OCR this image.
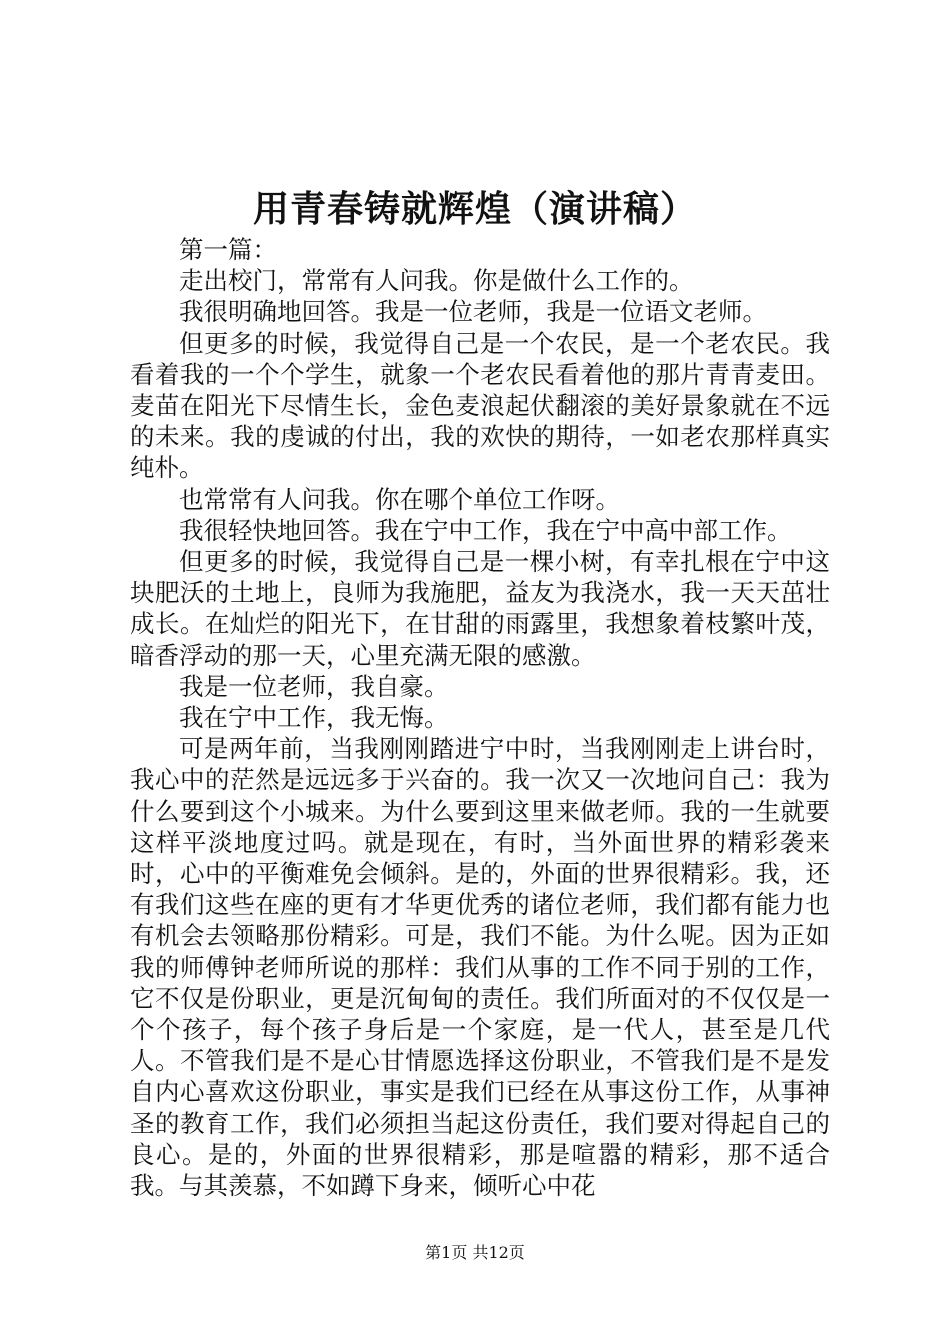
用青春铸就辉煌（演讲稿）

第一篇：

走出校门，常常有人问我。你是做什么工作的。

我很明确地回答。我是一位老师，我是一位语文老师。

但更多的时候，我觉得自己是一个农民，是一个老农民。我看着我的一个个学生，就象一个老农民看着他的那片青青麦田。麦苗在阳光下尽情生长，金色麦浪起伏翻滚的美好景象就在不远的未来。我的虔诚的付出，我的欢快的期待，一如老农那样真实纯朴。

也常常有人问我。你在哪个单位工作呀。

我很轻快地回答。我在宁中工作，我在宁中高中部工作。

但更多的时候，我觉得自己是一棵小树，有幸扎根在宁中这块肥沃的土地上，良师为我施肥，益友为我浇水，我一天天茁壮成长。在灿烂的阳光下，在甘甜的雨露里，我想象着枝繁叶茂，暗香浮动的那一天，心里充满无限的感激。

我是一位老师，我自豪。

我在宁中工作，我无悔。

可是两年前，当我刚刚踏进宁中时，当我刚刚走上讲台时，我心中的茫然是远远多于兴奋的。我一次又一次地问自己：我为什么要到这个小城来。为什么要到这里来做老师。我的一生就要这样平淡地度过吗。就是现在，有时，当外面世界的精彩袭来时，心中的平衡难免会倾斜。是的，外面的世界很精彩。我，还有我们这些在座的更有才华更优秀的诸位老师，我们都有能力也有机会去领略那份精彩。可是，我们不能。为什么呢。因为正如我的师傅钟老师所说的那样：我们从事的工作不同于别的工作，它不仅是份职业，更是沉甸甸的责任。我们所面对的不仅仅是一个个孩子，每个孩子身后是一个家庭，是一代人，甚至是几代人。不管我们是不是心甘情愿选择这份职业，不管我们是不是发自内心喜欢这份职业，事实是我们已经在从事这份工作，从事神圣的教育工作，我们必须担当起这份责任，我们要对得起自己的良心。是的，外面的世界很精彩，那是喧嚣的精彩，那不适合我。与其羡慕，不如蹲下身来，倾听心中花

第1页 共12页
